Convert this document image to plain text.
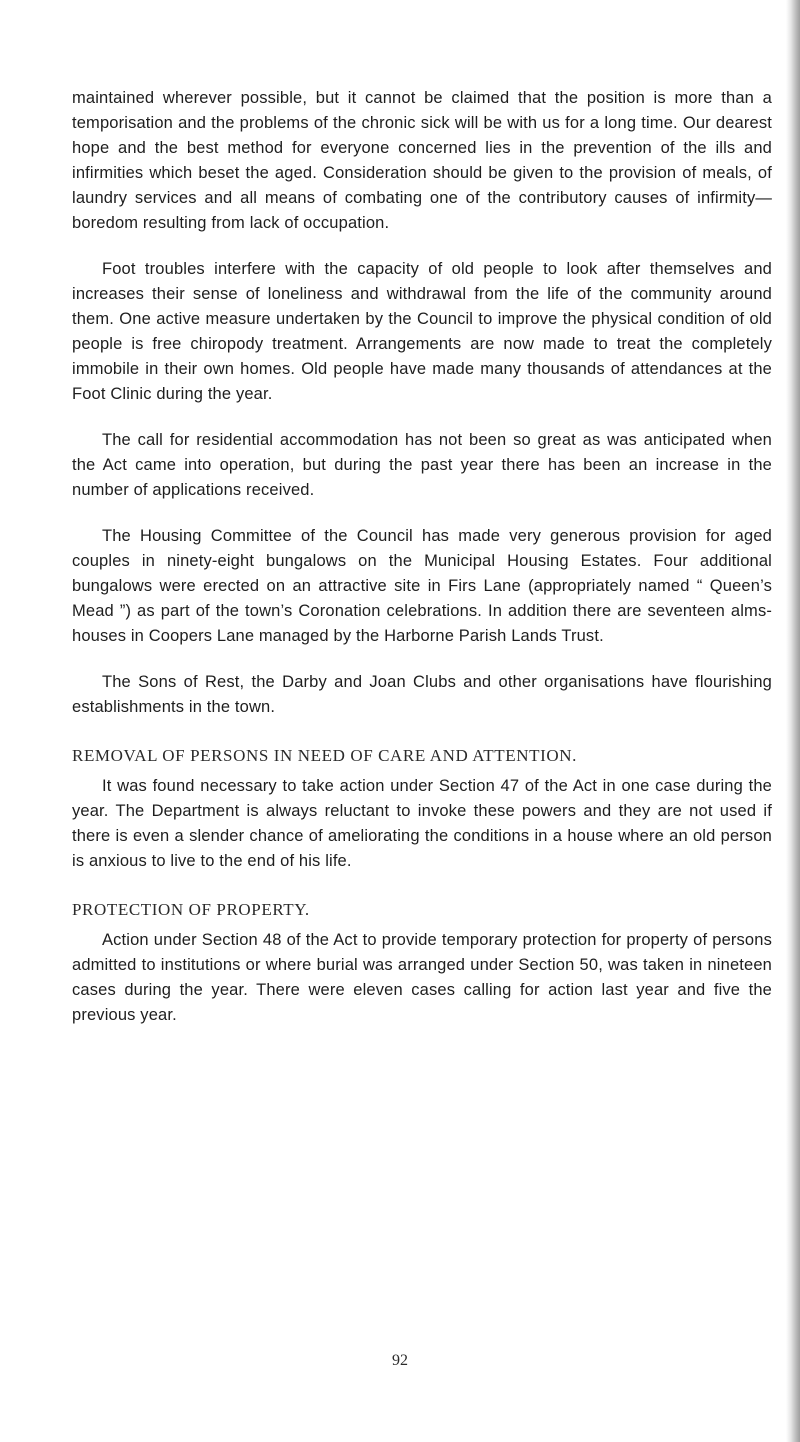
maintained wherever possible, but it cannot be claimed that the position is more than a temporisation and the problems of the chronic sick will be with us for a long time. Our dearest hope and the best method for everyone concerned lies in the prevention of the ills and infirmities which beset the aged. Consideration should be given to the provision of meals, of laundry services and all means of combating one of the contributory causes of infirmity—boredom resulting from lack of occupation.

Foot troubles interfere with the capacity of old people to look after themselves and increases their sense of loneliness and withdrawal from the life of the community around them. One active measure undertaken by the Council to improve the physical condition of old people is free chiropody treatment. Arrangements are now made to treat the completely immobile in their own homes. Old people have made many thousands of attendances at the Foot Clinic during the year.

The call for residential accommodation has not been so great as was anticipated when the Act came into operation, but during the past year there has been an increase in the number of applications received.

The Housing Committee of the Council has made very generous provision for aged couples in ninety-eight bungalows on the Municipal Housing Estates. Four additional bungalows were erected on an attractive site in Firs Lane (appropriately named “ Queen’s Mead ”) as part of the town’s Coronation celebrations. In addition there are seventeen alms-houses in Coopers Lane managed by the Harborne Parish Lands Trust.

The Sons of Rest, the Darby and Joan Clubs and other organisations have flourishing establishments in the town.

REMOVAL OF PERSONS IN NEED OF CARE AND ATTENTION.

It was found necessary to take action under Section 47 of the Act in one case during the year. The Department is always reluctant to invoke these powers and they are not used if there is even a slender chance of ameliorating the conditions in a house where an old person is anxious to live to the end of his life.

PROTECTION OF PROPERTY.

Action under Section 48 of the Act to provide temporary protection for property of persons admitted to institutions or where burial was arranged under Section 50, was taken in nineteen cases during the year. There were eleven cases calling for action last year and five the previous year.

92
